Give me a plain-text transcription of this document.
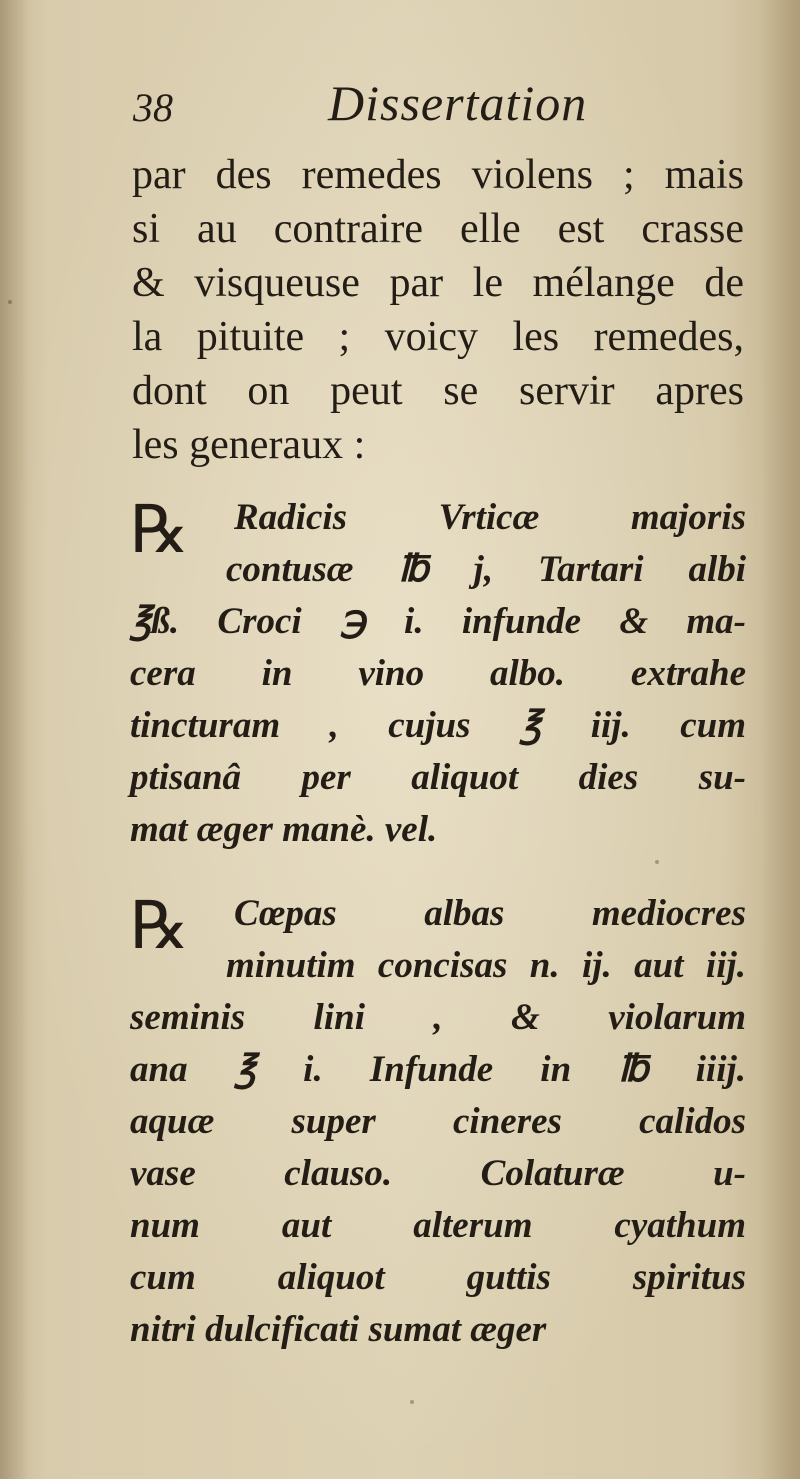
38	Dissertation
par des remedes violens ; mais
si au contraire elle est crasse
& visqueuse par le mélange de
la pituite ; voicy les remedes,
dont on peut se servir apres
les generaux :
℞ Radicis Vrticæ majoris
contusæ ℔ j, Tartari albi
℥ß. Croci ℈ i. infunde & ma-
cera in vino albo. extrahe
tincturam , cujus ℥ iij. cum
ptisanâ per aliquot dies su-
mat æger manè. vel.
℞ Cœpas albas mediocres
minutim concisas n. ij. aut iij.
seminis lini , & violarum
ana ℥ i. Infunde in ℔ iiij.
aquæ super cineres calidos
vase clauso. Colaturæ u-
num aut alterum cyathum
cum aliquot guttis spiritus
nitri dulcificati sumat æger
